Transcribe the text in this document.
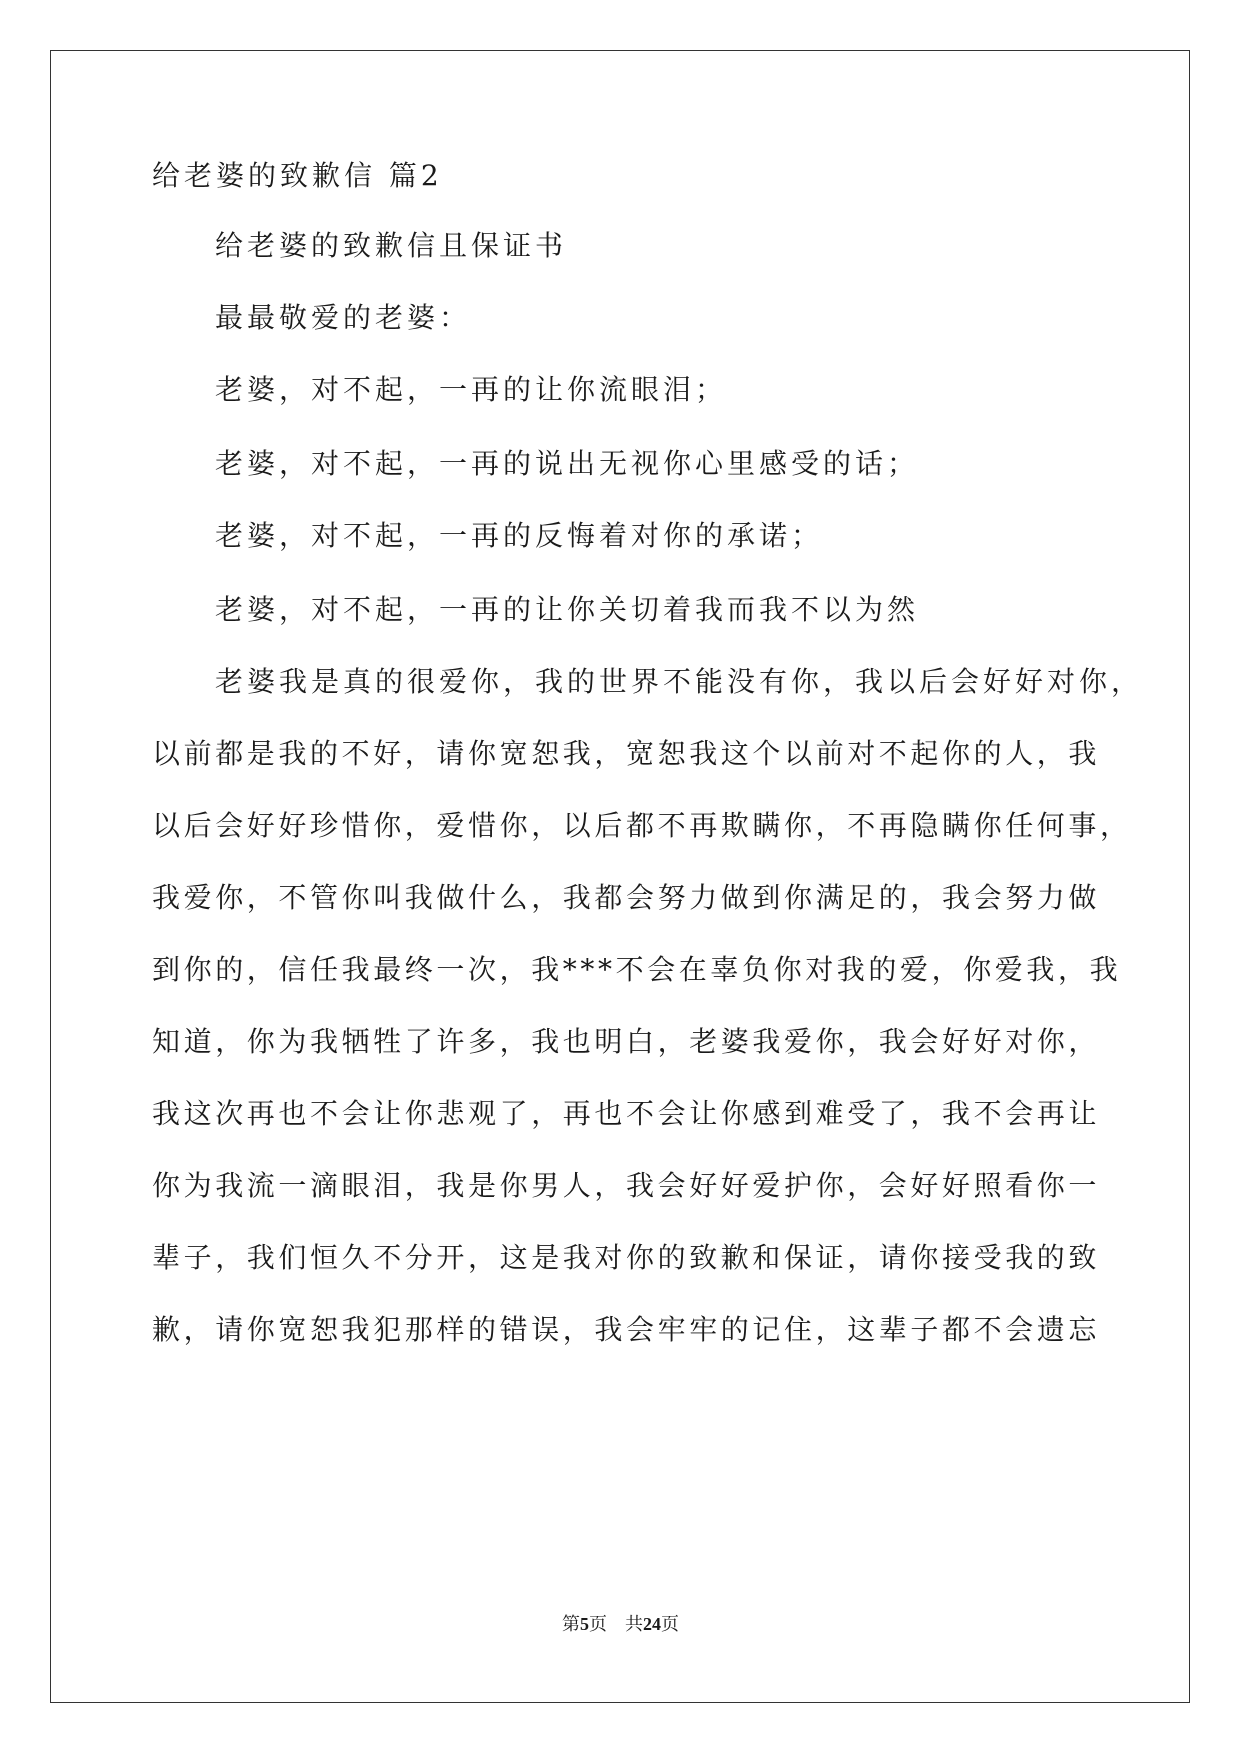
给老婆的致歉信 篇2
给老婆的致歉信且保证书
最最敬爱的老婆：
老婆，对不起，一再的让你流眼泪；
老婆，对不起，一再的说出无视你心里感受的话；
老婆，对不起，一再的反悔着对你的承诺；
老婆，对不起，一再的让你关切着我而我不以为然
老婆我是真的很爱你，我的世界不能没有你，我以后会好好对你，
以前都是我的不好，请你宽恕我，宽恕我这个以前对不起你的人，我
以后会好好珍惜你，爱惜你，以后都不再欺瞒你，不再隐瞒你任何事，
我爱你，不管你叫我做什么，我都会努力做到你满足的，我会努力做
到你的，信任我最终一次，我***不会在辜负你对我的爱，你爱我，我
知道，你为我牺牲了许多，我也明白，老婆我爱你，我会好好对你，
我这次再也不会让你悲观了，再也不会让你感到难受了，我不会再让
你为我流一滴眼泪，我是你男人，我会好好爱护你，会好好照看你一
辈子，我们恒久不分开，这是我对你的致歉和保证，请你接受我的致
歉，请你宽恕我犯那样的错误，我会牢牢的记住，这辈子都不会遗忘
第5页 共24页
